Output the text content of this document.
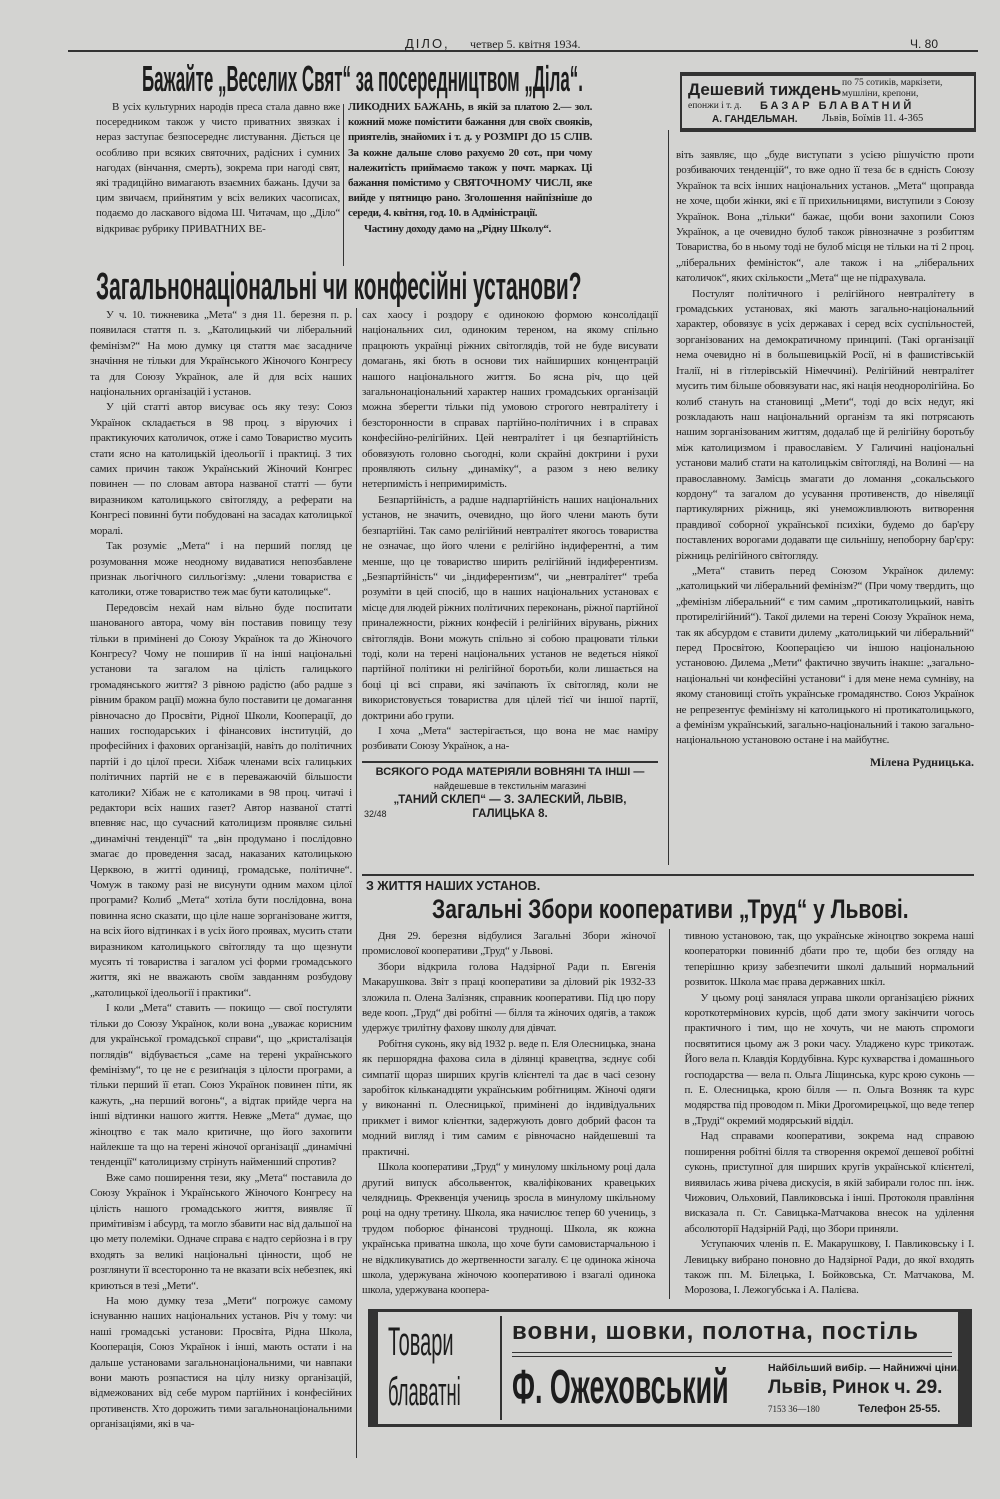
ДІЛО, четвер 5. квітня 1934.	Ч. 80
Бажайте „Веселих Свят“ за посередництвом „Діла“.

В усіх культурних народів преса стала давно вже посередником також у чисто приватних звязках і нераз заступає безпосереднє листування. Діється це особливо при всяких святочних, радісних і сумних нагодах (вінчання, смерть), зокрема при нагоді свят, які традиційно вимагають взаємних бажань. Ідучи за цим звичаєм, прийнятим у всіх великих часописах, подаємо до ласкавого відома Ш. Читачам, що „Діло“ відкриває рубрику ПРИВАТНИХ ВЕ-

ЛИКОДНИХ БАЖАНЬ, в якій за платою 2.— зол. кожний може помістити бажання для своїх свояків, приятелів, знайомих і т. д. у РОЗМІРІ ДО 15 СЛІВ. За кожне дальше слово рахуємо 20 сот., при чому належитість приймаємо також у почт. марках. Ці бажання помістимо у СВЯТОЧНОМУ ЧИСЛІ, яке вийде у пятницю рано. Зголошення найпізніше до середи, 4. квітня, год. 10. в Адміністрації.

Частину доходу дамо на „Рідну Школу“.

Дешевий тиждень по 75 сотиків, маркізети, мушліни, крепони,
епонжи і т. д. БАЗАР БЛАВАТНИЙ
А. ГАНДЕЛЬМАН. Львів, Боїмів 11. 4-365
Загальнонаціональні чи конфесійні установи?

У ч. 10. тижневика „Мета“ з дня 11. березня п. р. появилася стаття п. з. „Католицький чи ліберальний фемінізм?“ На мою думку ця стаття має засадниче значіння не тільки для Українського Жіночого Конгресу та для Союзу Українок, але й для всіх наших національних організацій і установ.

У цій статті автор висуває ось яку тезу: Союз Українок складається в 98 проц. з віруючих і практикуючих католичок, отже і само Товариство мусить стати ясно на католицькій ідеольогії і практиці. З тих самих причин також Український Жіночий Конгрес повинен — по словам автора названої статті — бути виразником католицького світогляду, а реферати на Конгресі повинні бути побудовані на засадах католицької моралі.

Так розуміє „Мета“ і на перший погляд це розумовання може неодному видаватися непозбавлене признак льогічного силльогізму: „члени товариства є католики, отже товариство теж має бути католицьке“.

Передовсім нехай нам вільно буде поспитати шанованого автора, чому він поставив повищу тезу тільки в примінені до Союзу Українок та до Жіночого Конгресу? Чому не поширив її на інші національні установи та загалом на цілість галицького громадянського життя? З рівною радістю (або радше з рівним браком рації) можна було поставити це домагання рівночасно до Просвіти, Рідної Школи, Кооперації, до наших господарських і фінансових інституцій, до професійних і фахових організацій, навіть до політичних партій і до цілої преси. Хібаж членами всіх галицьких політичних партій не є в переважаючій більшости католики? Хібаж не є католиками в 98 проц. читачі і редактори всіх наших газет? Автор названої статті впевняє нас, що сучасний католицизм проявляє сильні „динамічні тенденції“ та „він продумано і послідовно змагає до проведення засад, наказаних католицькою Церквою, в житті одиниці, громадське, політичне“. Чомуж в такому разі не висунути одним махом цілої програми? Колиб „Мета“ хотіла бути послідовна, вона повинна ясно сказати, що ціле наше зорганізоване життя, на всіх його відтинках і в усіх його проявах, мусить стати виразником католицького світогляду та що щезнути мусять ті товариства і загалом усі форми громадського життя, які не вважають своїм завданням розбудову „католицької ідеольогії і практики“.

І коли „Мета“ ставить — покищо — свої постуляти тільки до Союзу Українок, коли вона „уважає корисним для української громадської справи“, що „кристалізація поглядів“ відбувається „саме на терені українського фемінізму“, то це не є резиґнація з цілости програми, а тільки перший її етап. Союз Українок повинен піти, як кажуть, „на перший вогонь“, а відтак прийде черга на інші відтинки нашого життя. Невже „Мета“ думає, що жіноцтво є так мало критичне, що його захопити найлекше та що на терені жіночої організації „динамічні тенденції“ католицизму стрінуть найменший спротив?

Вже само поширення тези, яку „Мета“ поставила до Союзу Українок і Українського Жіночого Конгресу на цілість нашого громадського життя, виявляє її примітивізм і абсурд, та могло збавити нас від дальшої на цю мету полеміки. Одначе справа є надто серйозна і в гру входять за великі національні цінности, щоб не розглянути її всесторонно та не вказати всіх небезпек, які криються в тезі „Мети“.

На мою думку теза „Мети“ погрожує самому існуванню наших національних установ. Річ у тому: чи наші громадські установи: Просвіта, Рідна Школа, Кооперація, Союз Українок і інші, мають остати і на дальше установами загальнонаціональними, чи навпаки вони мають розпастися на цілу низку організацій, відмежованих від себе муром партійних і конфесійних противенств. Хто дорожить тими загальнонаціональними організаціями, які в ча-

сах хаосу і роздору є одинокою формою консолідації національних сил, одиноким тереном, на якому спільно працюють українці ріжних світоглядів, той не буде висувати домагань, які бють в основи тих найширших концентрацій нашого національного життя. Бо ясна річ, що цей загальнонаціональний характер наших громадських організацій можна зберегти тільки під умовою строгого невтралітету і безсторонности в справах партійно-політичних і в справах конфесійно-релігійних. Цей невтралітет і ця безпартійність обовязують головно сьогодні, коли скрайні доктрини і рухи проявляють сильну „динаміку“, а разом з нею велику нетерпимість і непримиримість.

Безпартійність, а радше надпартійність наших національних установ, не значить, очевидно, що його члени мають бути безпартійні. Так само релігійний невтралітет якогось товариства не означає, що його члени є релігійно індиферентні, а тим менше, що це товариство ширить релігійний індиферентизм. „Безпартійність“ чи „індиферентизм“, чи „невтралітет“ треба розуміти в цей спосіб, що в наших національних установах є місце для людей ріжних політичних переконань, ріжної партійної приналежности, ріжних конфесій і релігійних вірувань, ріжних світоглядів. Вони можуть спільно зі собою працювати тільки тоді, коли на терені національних установ не ведеться ніякої партійної політики ні релігійної боротьби, коли лишається на боці ці всі справи, які зачіпають їх світогляд, коли не використовується товариства для цілей тієї чи іншої партії, доктрини або групи.

І хоча „Мета“ застерігається, що вона не має наміру розбивати Союзу Українок, а на-

ВСЯКОГО РОДА МАТЕРІЯЛИ ВОВНЯНІ ТА ІНШІ —
найдешевше в текстильнім магазині
„ТАНИЙ СКЛЕП“ — З. ЗАЛЕСКИЙ, ЛЬВІВ,
32/48	ГАЛИЦЬКА 8.

віть заявляє, що „буде виступати з усією рішучістю проти розбиваючих тенденцій“, то вже одно її теза бє в єдність Союзу Українок та всіх інших національних установ. „Мета“ щоправда не хоче, щоби жінки, які є її прихильницями, виступили з Союзу Українок. Вона „тільки“ бажає, щоби вони захопили Союз Українок, а це очевидно булоб також рівнозначне з розбиттям Товариства, бо в ньому тоді не булоб місця не тільки на ті 2 проц. „ліберальних феміністок“, але також і на „ліберальних католичок“, яких скількости „Мета“ ще не підрахувала.

Постулят політичного і релігійного невтралітету в громадських установах, які мають загально-національний характер, обовязує в усіх державах і серед всіх суспільностей, зорганізованих на демократичному принципі. (Такі організації нема очевидно ні в большевицькій Росії, ні в фашистівській Італії, ні в гітлерівській Німеччині). Релігійний невтралітет мусить тим більше обовязувати нас, які нація неодноролігійна. Бо колиб стануть на становищі „Мети“, тоді до всіх недуг, які розкладають наш національний організм та які потрясають нашим зорганізованим життям, додалаб ще й релігійну боротьбу між католицизмом і православієм. У Галичині національні установи малиб стати на католицькім світогляді, на Волині — на православному. Замісць змагати до ломання „сокальського кордону“ та загалом до усування противенств, до нівеляції партикулярних ріжниць, які унеможливлюють витворення правдивої соборної української психіки, будемо до бар'єру поставлених ворогами додавати ще сильнішу, непоборну бар'єру: ріжниць релігійного світогляду.

„Мета“ ставить перед Союзом Українок дилему: „католицький чи ліберальний фемінізм?“ (При чому твердить, що „фемінізм ліберальний“ є тим самим „протикатолицький, навіть протирелігійний“). Такої дилеми на терені Союзу Українок нема, так як абсурдом є ставити дилему „католицький чи ліберальний“ перед Просвітою, Кооперацією чи іншою національною установою. Дилема „Мети“ фактично звучить інакше: „загально-національні чи конфесійні установи“ і для мене нема сумніву, на якому становищі стоїть українське громадянство. Союз Українок не репрезентує фемінізму ні католицького ні протикатолицького, а фемінізм український, загально-національний і такою загально-національною установою остане і на майбутнє.

Мілена Рудницька.
З ЖИТТЯ НАШИХ УСТАНОВ.
Загальні Збори кооперативи „Труд“ у Львові.

Дня 29. березня відбулися Загальні Збори жіночої промислової кооперативи „Труд“ у Львові.

Збори відкрила голова Надзірної Ради п. Евгенія Макарушкова. Звіт з праці кооперативи за діловий рік 1932-33 зложила п. Олена Залізняк, справник кооперативи. Під цю пору веде кооп. „Труд“ дві робітні — білля та жіночих одягів, а також удержує трилітну фахову школу для дівчат.

Робітня суконь, яку від 1932 р. веде п. Еля Олесницька, знана як першорядна фахова сила в ділянці кравецтва, зєднує собі симпатії щораз ширших кругів клієнтелі та дає в часі сезону заробіток кільканадцяти українським робітницям. Жіночі одяги у виконанні п. Олесницької, примінені до індивідуальних прикмет і вимог клієнтки, задержують довго добрий фасон та модний вигляд і тим самим є рівночасно найдешевші та практичні.

Школа кооперативи „Труд“ у минулому шкільному році дала другий випуск абсольвенток, кваліфікованих кравецьких челядниць. Фреквенція учениць зросла в минулому шкільному році на одну третину. Школа, яка начислює тепер 60 учениць, з трудом поборює фінансові труднощі. Школа, як кожна українська приватна школа, що хоче бути самовистарчальною і не відкликуватись до жертвенности загалу. Є це одинока жіноча школа, удержувана жіночою кооперативою і взагалі одинока школа, удержувана коопера-

тивною установою, так, що українське жіноцтво зокрема наші кооператорки повинніб дбати про те, щоби без огляду на теперішню кризу забезпечити школі дальший нормальний розвиток. Школа має права державних шкіл.

У цьому році занялася управа школи організацією ріжних короткотермінових курсів, щоб дати змогу закінчити чогось практичного і тим, що не хочуть, чи не мають спромоги посвятитися цьому аж 3 роки часу. Уладжено курс трикотаж. Його вела п. Клавдія Кордубівна. Курс кухварства і домашнього господарства — вела п. Ольга Ліщинська, курс крою суконь — п. Е. Олесницька, крою білля — п. Ольга Возняк та курс модярства під проводом п. Міки Дрогомирецької, що веде тепер в „Труді“ окремий модярський відділ.

Над справами кооперативи, зокрема над справою поширення робітні білля та створення окремої дешевої робітні суконь, приступної для ширших кругів української клієнтелі, виявилась жива річева дискусія, в якій забирали голос пп. інж. Чижович, Ольховий, Павликовська і інші. Протоколя правління висказала п. Ст. Савицька-Матчакова внесок на уділення абсолюторії Надзірній Раді, що Збори приняли.

Уступаючих членів п. Е. Макарушкову, І. Павликовську і І. Левицьку вибрано поновно до Надзірної Ради, до якої входять також пп. М. Білецька, І. Бойковська, Ст. Матчакова, М. Морозова, І. Лежогубська і А. Палієва.

Товари
блаватні
вовни, шовки, полотна, постіль
Ф. Ожеховський	Найбільший вибір. — Найнижчі ціни.
Львів, Ринок ч. 29.
7153 36—180	Телефон 25-55.
